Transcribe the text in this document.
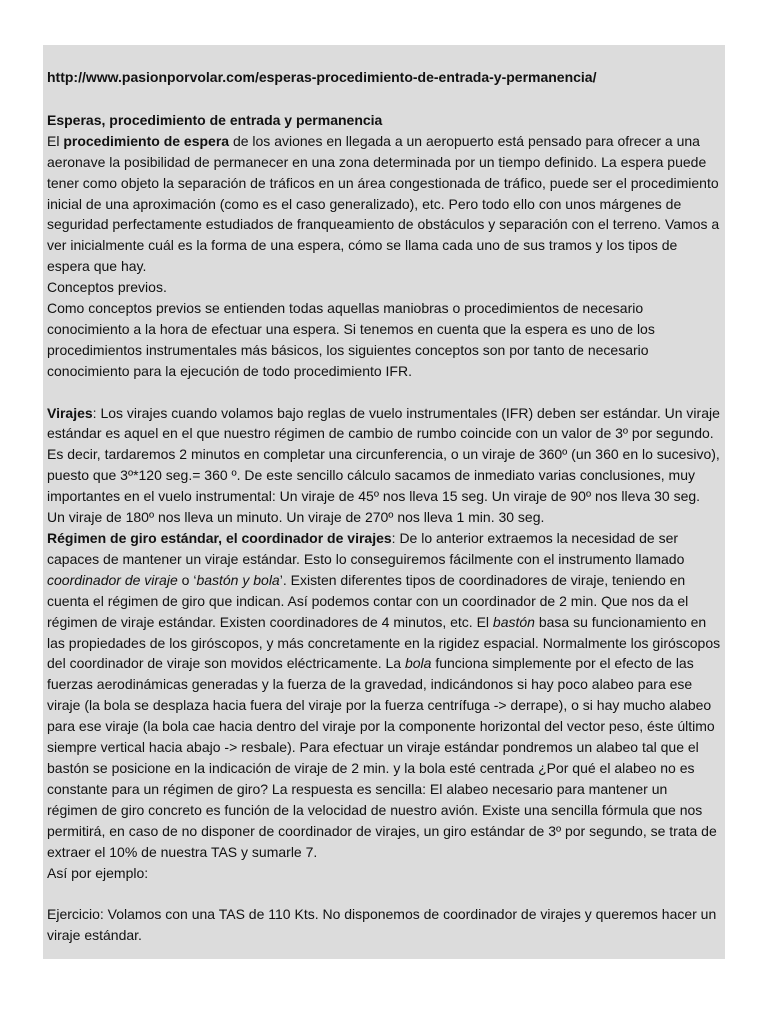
http://www.pasionporvolar.com/esperas-procedimiento-de-entrada-y-permanencia/

Esperas, procedimiento de entrada y permanencia

El procedimiento de espera de los aviones en llegada a un aeropuerto está pensado para ofrecer a una aeronave la posibilidad de permanecer en una zona determinada por un tiempo definido. La espera puede tener como objeto la separación de tráficos en un área congestionada de tráfico, puede ser el procedimiento inicial de una aproximación (como es el caso generalizado), etc. Pero todo ello con unos márgenes de seguridad perfectamente estudiados de franqueamiento de obstáculos y separación con el terreno. Vamos a ver inicialmente cuál es la forma de una espera, cómo se llama cada uno de sus tramos y los tipos de espera que hay.

Conceptos previos.

Como conceptos previos se entienden todas aquellas maniobras o procedimientos de necesario conocimiento a la hora de efectuar una espera. Si tenemos en cuenta que la espera es uno de los procedimientos instrumentales más básicos, los siguientes conceptos son por tanto de necesario conocimiento para la ejecución de todo procedimiento IFR.

Virajes: Los virajes cuando volamos bajo reglas de vuelo instrumentales (IFR) deben ser estándar. Un viraje estándar es aquel en el que nuestro régimen de cambio de rumbo coincide con un valor de 3º por segundo. Es decir, tardaremos 2 minutos en completar una circunferencia, o un viraje de 360º (un 360 en lo sucesivo), puesto que 3º*120 seg.= 360 º. De este sencillo cálculo sacamos de inmediato varias conclusiones, muy importantes en el vuelo instrumental: Un viraje de 45º nos lleva 15 seg. Un viraje de 90º nos lleva 30 seg. Un viraje de 180º nos lleva un minuto. Un viraje de 270º nos lleva 1 min. 30 seg.

Régimen de giro estándar, el coordinador de virajes: De lo anterior extraemos la necesidad de ser capaces de mantener un viraje estándar. Esto lo conseguiremos fácilmente con el instrumento llamado coordinador de viraje o ‘bastón y bola’. Existen diferentes tipos de coordinadores de viraje, teniendo en cuenta el régimen de giro que indican. Así podemos contar con un coordinador de 2 min. Que nos da el régimen de viraje estándar. Existen coordinadores de 4 minutos, etc. El bastón basa su funcionamiento en las propiedades de los giróscopos, y más concretamente en la rigidez espacial. Normalmente los giróscopos del coordinador de viraje son movidos eléctricamente. La bola funciona simplemente por el efecto de las fuerzas aerodinámicas generadas y la fuerza de la gravedad, indicándonos si hay poco alabeo para ese viraje (la bola se desplaza hacia fuera del viraje por la fuerza centrífuga -> derrape), o si hay mucho alabeo para ese viraje (la bola cae hacia dentro del viraje por la componente horizontal del vector peso, éste último siempre vertical hacia abajo -> resbale). Para efectuar un viraje estándar pondremos un alabeo tal que el bastón se posicione en la indicación de viraje de 2 min. y la bola esté centrada ¿Por qué el alabeo no es constante para un régimen de giro? La respuesta es sencilla: El alabeo necesario para mantener un régimen de giro concreto es función de la velocidad de nuestro avión. Existe una sencilla fórmula que nos permitirá, en caso de no disponer de coordinador de virajes, un giro estándar de 3º por segundo, se trata de extraer el 10% de nuestra TAS y sumarle 7.

Así por ejemplo:

Ejercicio: Volamos con una TAS de 110 Kts. No disponemos de coordinador de virajes y queremos hacer un viraje estándar.
